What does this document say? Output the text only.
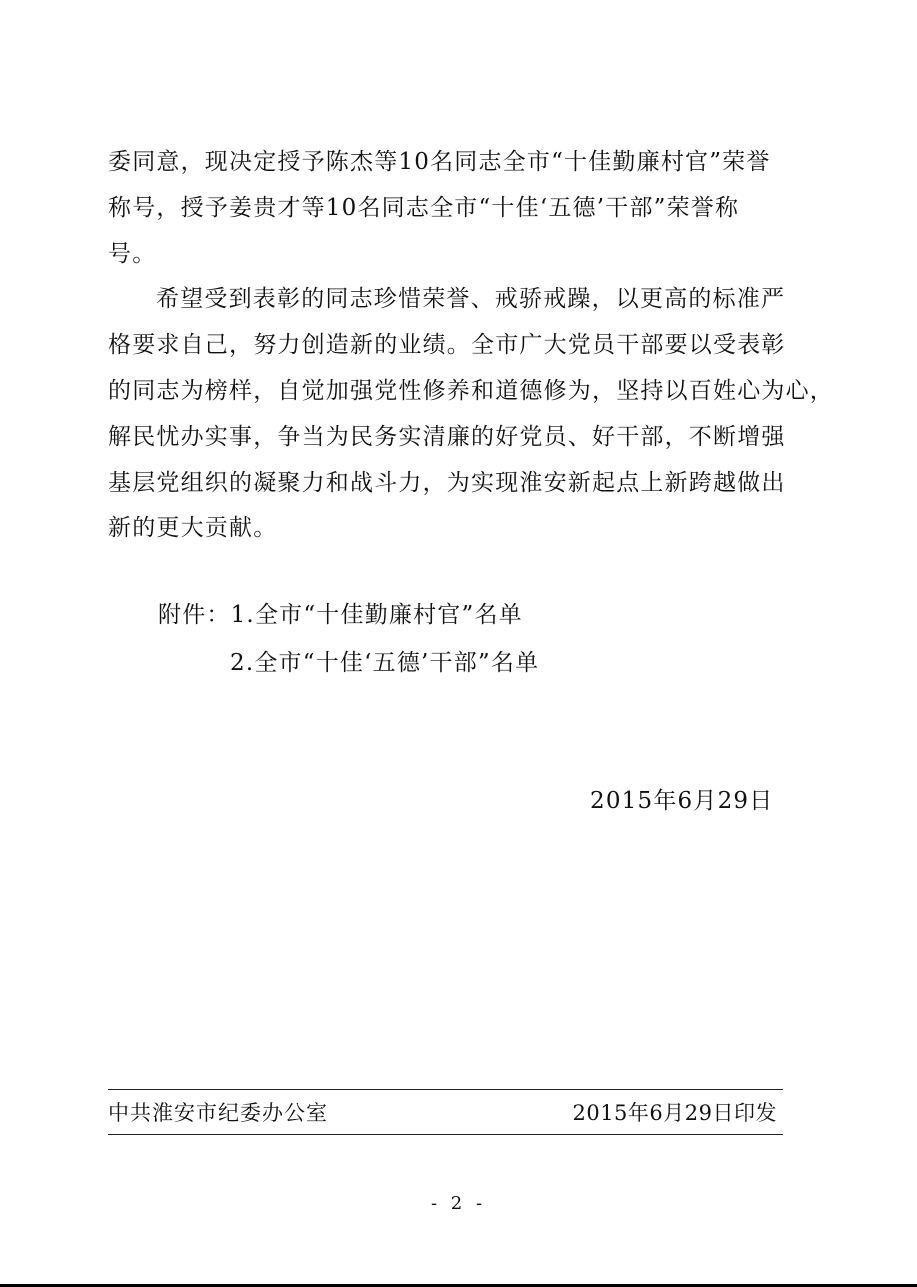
委同意，现决定授予陈杰等10名同志全市“十佳勤廉村官”荣誉
称号，授予姜贵才等10名同志全市“十佳‘五德’干部”荣誉称
号。

希望受到表彰的同志珍惜荣誉、戒骄戒躁，以更高的标准严
格要求自己，努力创造新的业绩。全市广大党员干部要以受表彰
的同志为榜样，自觉加强党性修养和道德修为，坚持以百姓心为心，
解民忧办实事，争当为民务实清廉的好党员、好干部，不断增强
基层党组织的凝聚力和战斗力，为实现淮安新起点上新跨越做出
新的更大贡献。

附件：1.全市“十佳勤廉村官”名单
2.全市“十佳‘五德’干部”名单
2015年6月29日
中共淮安市纪委办公室	2015年6月29日印发
- 2 -
